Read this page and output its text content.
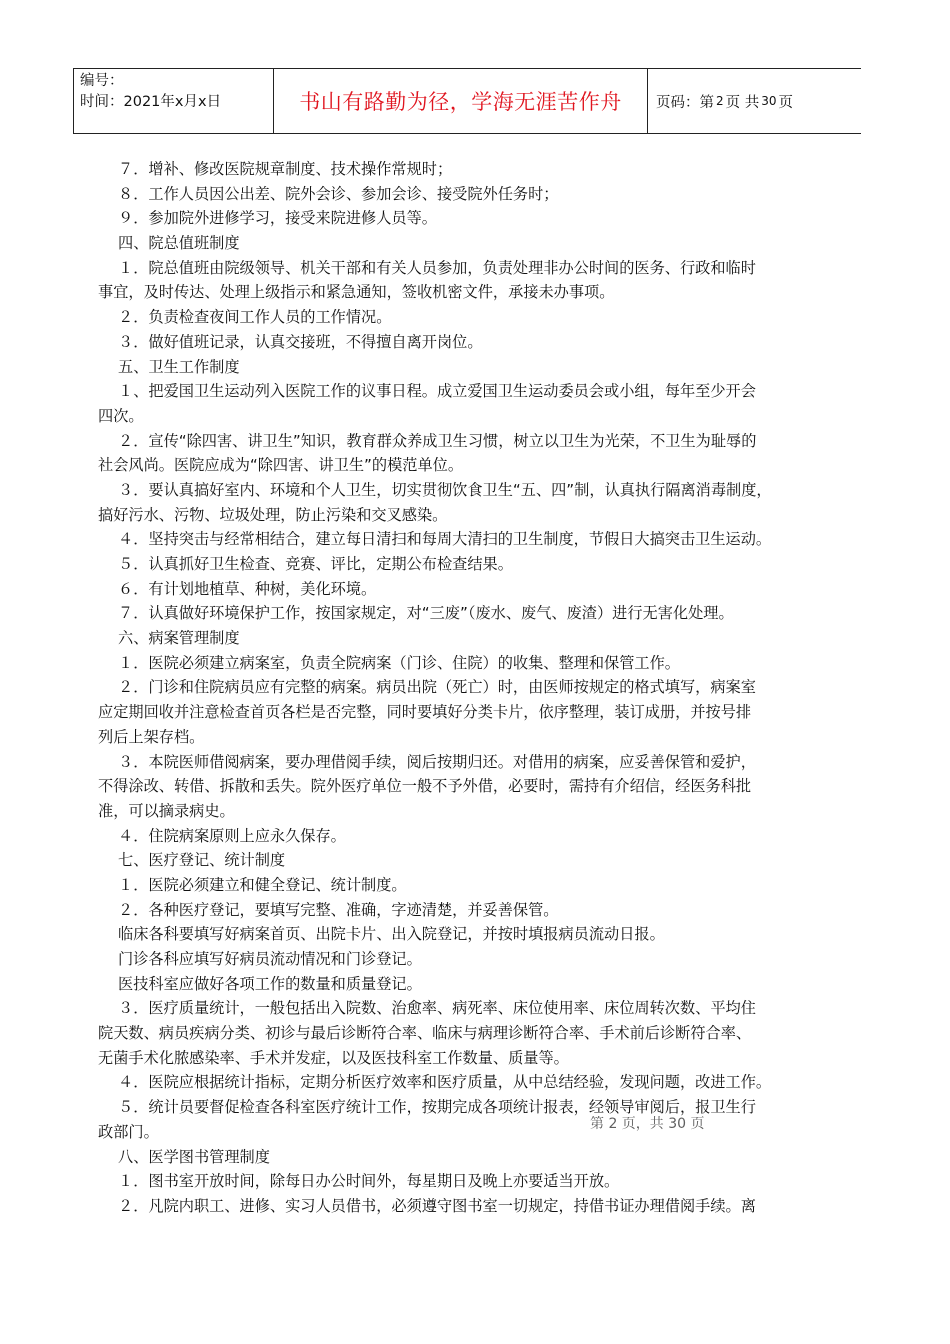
编号：
时间：2021年x月x日	书山有路勤为径，学海无涯苦作舟	页码：第 2 页 共 30 页
７．增补、修改医院规章制度、技术操作常规时；
８．工作人员因公出差、院外会诊、参加会诊、接受院外任务时；
９．参加院外进修学习，接受来院进修人员等。
四、院总值班制度
１．院总值班由院级领导、机关干部和有关人员参加，负责处理非办公时间的医务、行政和临时
事宜，及时传达、处理上级指示和紧急通知，签收机密文件，承接未办事项。
２．负责检查夜间工作人员的工作情况。
３．做好值班记录，认真交接班，不得擅自离开岗位。
五、卫生工作制度
１、把爱国卫生运动列入医院工作的议事日程。成立爱国卫生运动委员会或小组，每年至少开会
四次。
２．宣传“除四害、讲卫生”知识，教育群众养成卫生习惯，树立以卫生为光荣，不卫生为耻辱的
社会风尚。医院应成为“除四害、讲卫生”的模范单位。
３．要认真搞好室内、环境和个人卫生，切实贯彻饮食卫生“五、四”制，认真执行隔离消毒制度，
搞好污水、污物、垃圾处理，防止污染和交叉感染。
４．坚持突击与经常相结合，建立每日清扫和每周大清扫的卫生制度，节假日大搞突击卫生运动。
５．认真抓好卫生检查、竞赛、评比，定期公布检查结果。
６．有计划地植草、种树，美化环境。
７．认真做好环境保护工作，按国家规定，对“三废”（废水、废气、废渣）进行无害化处理。
六、病案管理制度
１．医院必须建立病案室，负责全院病案（门诊、住院）的收集、整理和保管工作。
２．门诊和住院病员应有完整的病案。病员出院（死亡）时，由医师按规定的格式填写，病案室
应定期回收并注意检查首页各栏是否完整，同时要填好分类卡片，依序整理，装订成册，并按号排
列后上架存档。
３．本院医师借阅病案，要办理借阅手续，阅后按期归还。对借用的病案，应妥善保管和爱护，
不得涂改、转借、拆散和丢失。院外医疗单位一般不予外借，必要时，需持有介绍信，经医务科批
准，可以摘录病史。
４．住院病案原则上应永久保存。
七、医疗登记、统计制度
１．医院必须建立和健全登记、统计制度。
２．各种医疗登记，要填写完整、准确，字迹清楚，并妥善保管。
临床各科要填写好病案首页、出院卡片、出入院登记，并按时填报病员流动日报。
门诊各科应填写好病员流动情况和门诊登记。
医技科室应做好各项工作的数量和质量登记。
３．医疗质量统计，一般包括出入院数、治愈率、病死率、床位使用率、床位周转次数、平均住
院天数、病员疾病分类、初诊与最后诊断符合率、临床与病理诊断符合率、手术前后诊断符合率、
无菌手术化脓感染率、手术并发症，以及医技科室工作数量、质量等。
４．医院应根据统计指标，定期分析医疗效率和医疗质量，从中总结经验，发现问题，改进工作。
５．统计员要督促检查各科室医疗统计工作，按期完成各项统计报表，经领导审阅后，报卫生行
政部门。
八、医学图书管理制度
１．图书室开放时间，除每日办公时间外，每星期日及晚上亦要适当开放。
２．凡院内职工、进修、实习人员借书，必须遵守图书室一切规定，持借书证办理借阅手续。离
第 2 页，共 30 页
